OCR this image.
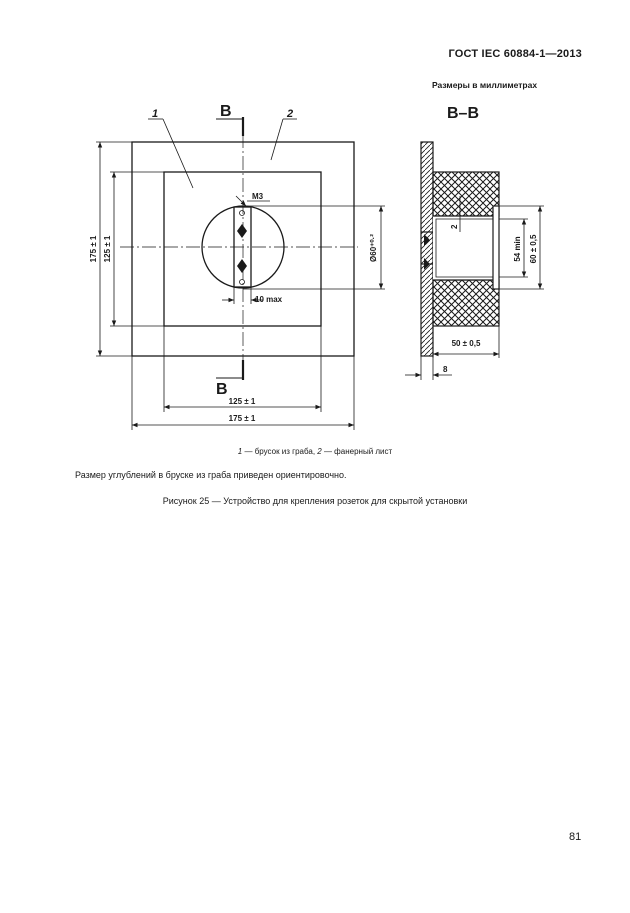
ГОСТ IEC 60884-1—2013
Размеры в миллиметрах
B
B
1	2
175 ± 1 125 ± 1
125 ± 1
175 ± 1
M3
Ø60⁺⁰·²
10 max
B–B
54 min 60 ± 0,5
50 ± 0,5
8
2
1 — брусок из граба, 2 — фанерный лист
Размер углублений в бруске из граба приведен ориентировочно.
Рисунок 25 — Устройство для крепления розеток для скрытой установки
81
